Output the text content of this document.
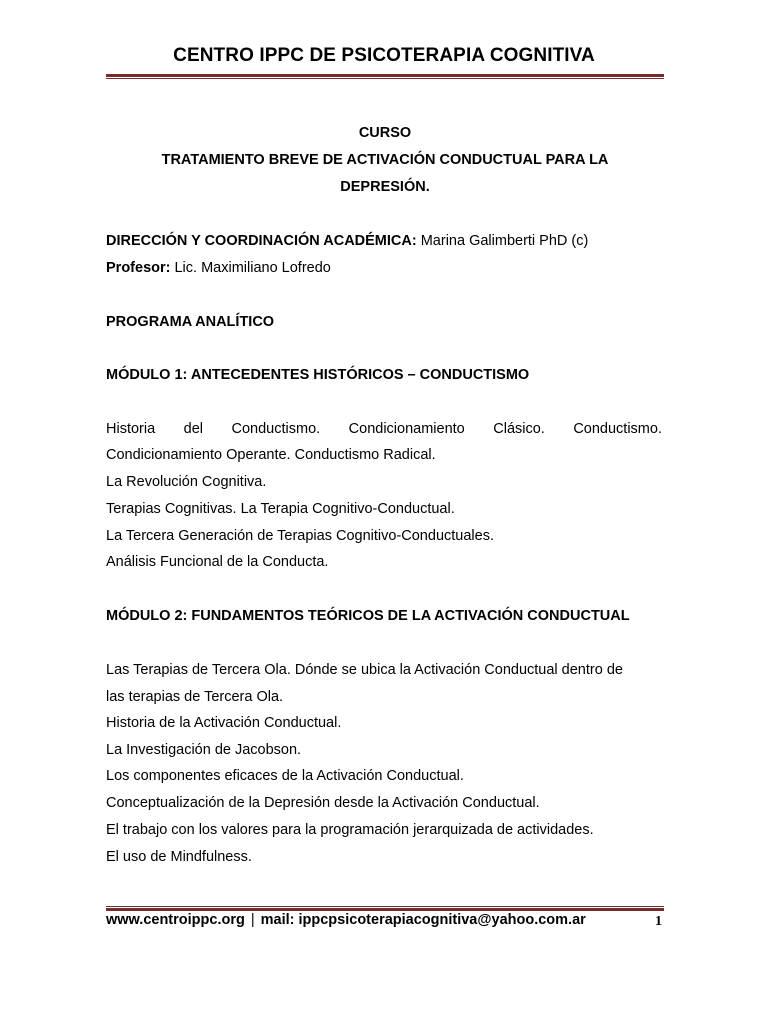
CENTRO IPPC DE PSICOTERAPIA COGNITIVA
CURSO
TRATAMIENTO BREVE DE ACTIVACIÓN CONDUCTUAL PARA LA
DEPRESIÓN.
DIRECCIÓN Y COORDINACIÓN ACADÉMICA: Marina Galimberti PhD (c)
Profesor: Lic. Maximiliano Lofredo
PROGRAMA ANALÍTICO
MÓDULO 1: ANTECEDENTES HISTÓRICOS – CONDUCTISMO
Historia del Conductismo. Condicionamiento Clásico. Conductismo.
Condicionamiento Operante. Conductismo Radical.
La Revolución Cognitiva.
Terapias Cognitivas. La Terapia Cognitivo-Conductual.
La Tercera Generación de Terapias Cognitivo-Conductuales.
Análisis Funcional de la Conducta.
MÓDULO 2: FUNDAMENTOS TEÓRICOS DE LA ACTIVACIÓN CONDUCTUAL
Las Terapias de Tercera Ola. Dónde se ubica la Activación Conductual dentro de
las terapias de Tercera Ola.
Historia de la Activación Conductual.
La Investigación de Jacobson.
Los componentes eficaces de la Activación Conductual.
Conceptualización de la Depresión desde la Activación Conductual.
El trabajo con los valores para la programación jerarquizada de actividades.
El uso de Mindfulness.
www.centroippc.org | mail: ippcpsicoterapiacognitiva@yahoo.com.ar	1
